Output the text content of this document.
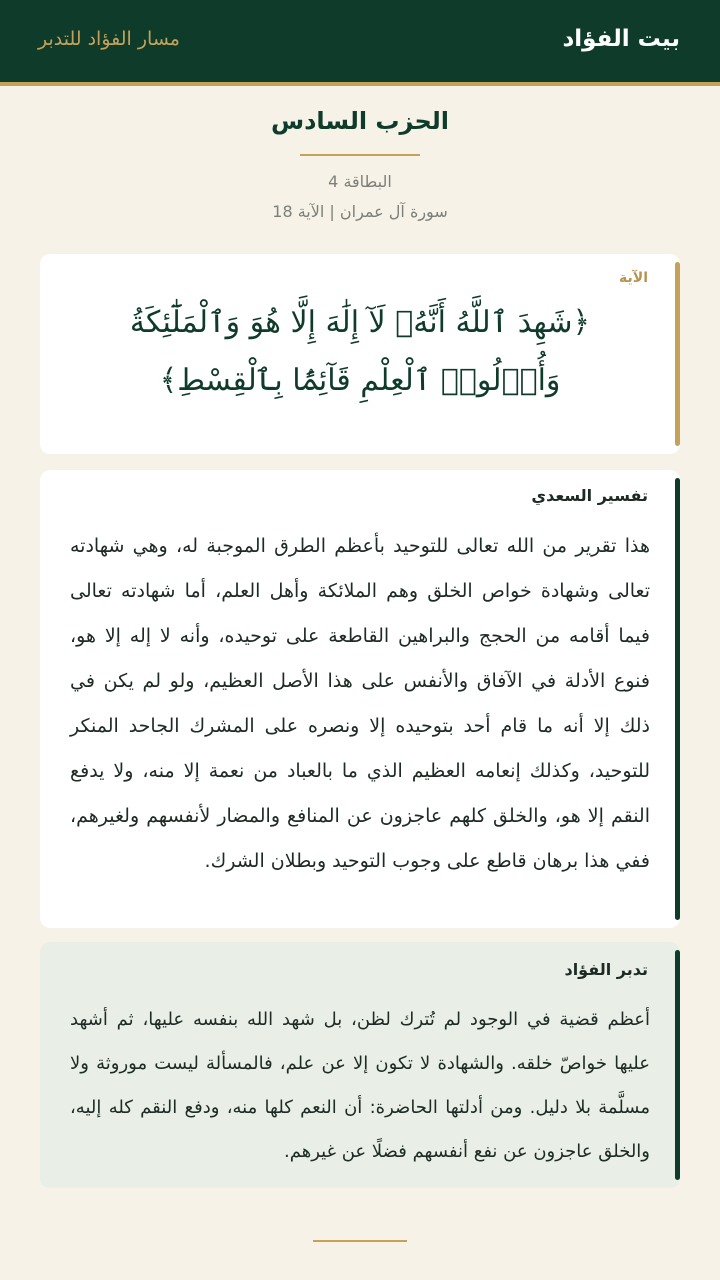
بيت الفؤاد
مسار الفؤاد للتدبر
الحزب السادس
البطاقة 4
سورة آل عمران | الآية 18
الآية
﴿شَهِدَ ٱللَّهُ أَنَّهُۥ لَآ إِلَٰهَ إِلَّا هُوَ وَٱلْمَلَٰٓئِكَةُ وَأُو۟لُوا۟ ٱلْعِلْمِ قَآئِمًۢا بِٱلْقِسْطِ﴾
تفسير السعدي
هذا تقرير من الله تعالى للتوحيد بأعظم الطرق الموجبة له، وهي شهادته تعالى وشهادة خواص الخلق وهم الملائكة وأهل العلم، أما شهادته تعالى فيما أقامه من الحجج والبراهين القاطعة على توحيده، وأنه لا إله إلا هو، فنوع الأدلة في الآفاق والأنفس على هذا الأصل العظيم، ولو لم يكن في ذلك إلا أنه ما قام أحد بتوحيده إلا ونصره على المشرك الجاحد المنكر للتوحيد، وكذلك إنعامه العظيم الذي ما بالعباد من نعمة إلا منه، ولا يدفع النقم إلا هو، والخلق كلهم عاجزون عن المنافع والمضار لأنفسهم ولغيرهم، ففي هذا برهان قاطع على وجوب التوحيد وبطلان الشرك.
تدبر الفؤاد
أعظم قضية في الوجود لم تُترك لظن، بل شهد الله بنفسه عليها، ثم أشهد عليها خواصّ خلقه. والشهادة لا تكون إلا عن علم، فالمسألة ليست موروثة ولا مسلَّمة بلا دليل. ومن أدلتها الحاضرة: أن النعم كلها منه، ودفع النقم كله إليه، والخلق عاجزون عن نفع أنفسهم فضلًا عن غيرهم.
